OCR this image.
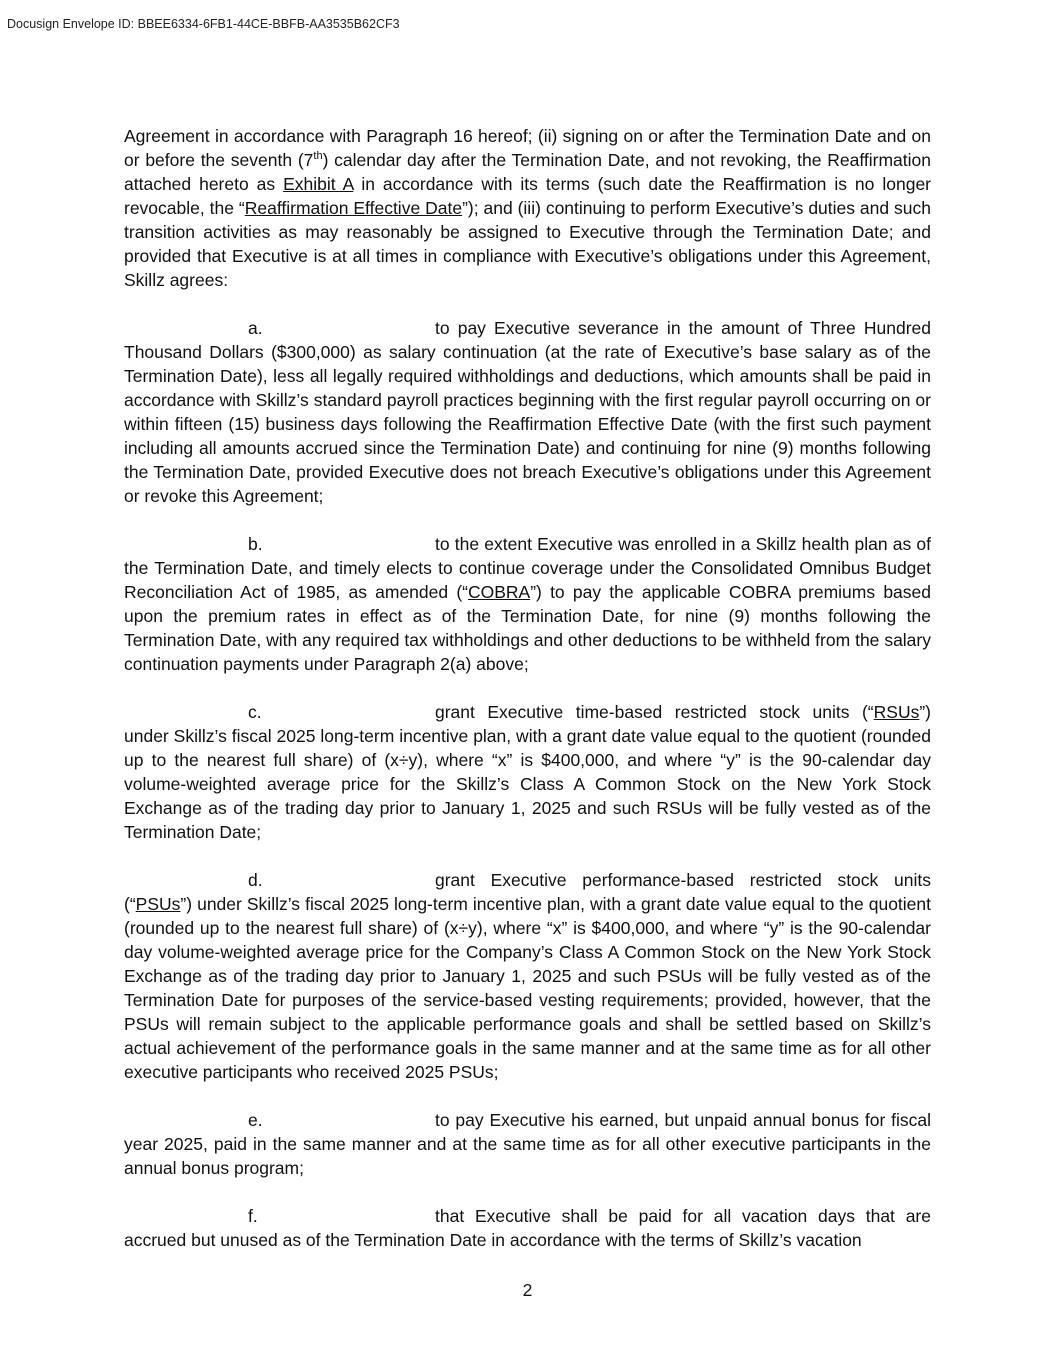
Docusign Envelope ID: BBEE6334-6FB1-44CE-BBFB-AA3535B62CF3

Agreement in accordance with Paragraph 16 hereof; (ii) signing on or after the Termination Date and on or before the seventh (7th) calendar day after the Termination Date, and not revoking, the Reaffirmation attached hereto as Exhibit A in accordance with its terms (such date the Reaffirmation is no longer revocable, the “Reaffirmation Effective Date”); and (iii) continuing to perform Executive’s duties and such transition activities as may reasonably be assigned to Executive through the Termination Date; and provided that Executive is at all times in compliance with Executive’s obligations under this Agreement, Skillz agrees:

a.	to pay Executive severance in the amount of Three Hundred Thousand Dollars ($300,000) as salary continuation (at the rate of Executive’s base salary as of the Termination Date), less all legally required withholdings and deductions, which amounts shall be paid in accordance with Skillz’s standard payroll practices beginning with the first regular payroll occurring on or within fifteen (15) business days following the Reaffirmation Effective Date (with the first such payment including all amounts accrued since the Termination Date) and continuing for nine (9) months following the Termination Date, provided Executive does not breach Executive’s obligations under this Agreement or revoke this Agreement;

b.	to the extent Executive was enrolled in a Skillz health plan as of the Termination Date, and timely elects to continue coverage under the Consolidated Omnibus Budget Reconciliation Act of 1985, as amended (“COBRA”) to pay the applicable COBRA premiums based upon the premium rates in effect as of the Termination Date, for nine (9) months following the Termination Date, with any required tax withholdings and other deductions to be withheld from the salary continuation payments under Paragraph 2(a) above;

c.	grant Executive time-based restricted stock units (“RSUs”) under Skillz’s fiscal 2025 long-term incentive plan, with a grant date value equal to the quotient (rounded up to the nearest full share) of (x÷y), where “x” is $400,000, and where “y” is the 90-calendar day volume-weighted average price for the Skillz’s Class A Common Stock on the New York Stock Exchange as of the trading day prior to January 1, 2025 and such RSUs will be fully vested as of the Termination Date;

d.	grant Executive performance-based restricted stock units (“PSUs”) under Skillz’s fiscal 2025 long-term incentive plan, with a grant date value equal to the quotient (rounded up to the nearest full share) of (x÷y), where “x” is $400,000, and where “y” is the 90-calendar day volume-weighted average price for the Company’s Class A Common Stock on the New York Stock Exchange as of the trading day prior to January 1, 2025 and such PSUs will be fully vested as of the Termination Date for purposes of the service-based vesting requirements; provided, however, that the PSUs will remain subject to the applicable performance goals and shall be settled based on Skillz’s actual achievement of the performance goals in the same manner and at the same time as for all other executive participants who received 2025 PSUs;

e.	to pay Executive his earned, but unpaid annual bonus for fiscal year 2025, paid in the same manner and at the same time as for all other executive participants in the annual bonus program;

f.	that Executive shall be paid for all vacation days that are accrued but unused as of the Termination Date in accordance with the terms of Skillz’s vacation

2
